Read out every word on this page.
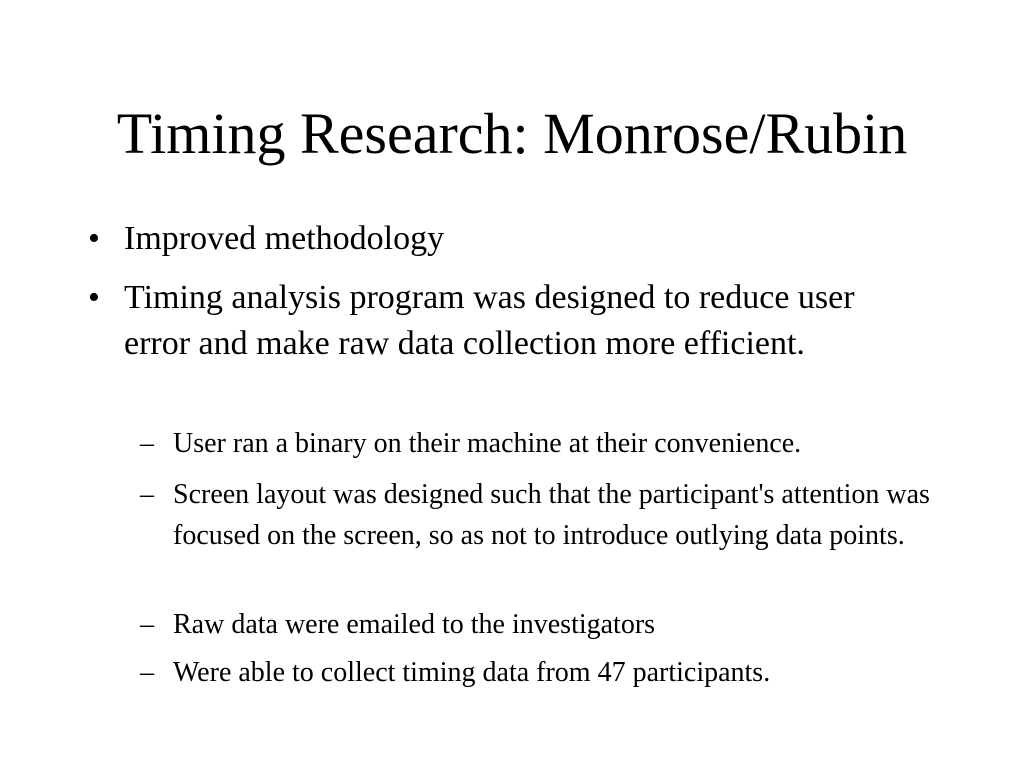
Timing Research: Monrose/Rubin
• Improved methodology
• Timing analysis program was designed to reduce user error and make raw data collection more efficient.
– User ran a binary on their machine at their convenience.
– Screen layout was designed such that the participant's attention was focused on the screen, so as not to introduce outlying data points.
– Raw data were emailed to the investigators
– Were able to collect timing data from 47 participants.
